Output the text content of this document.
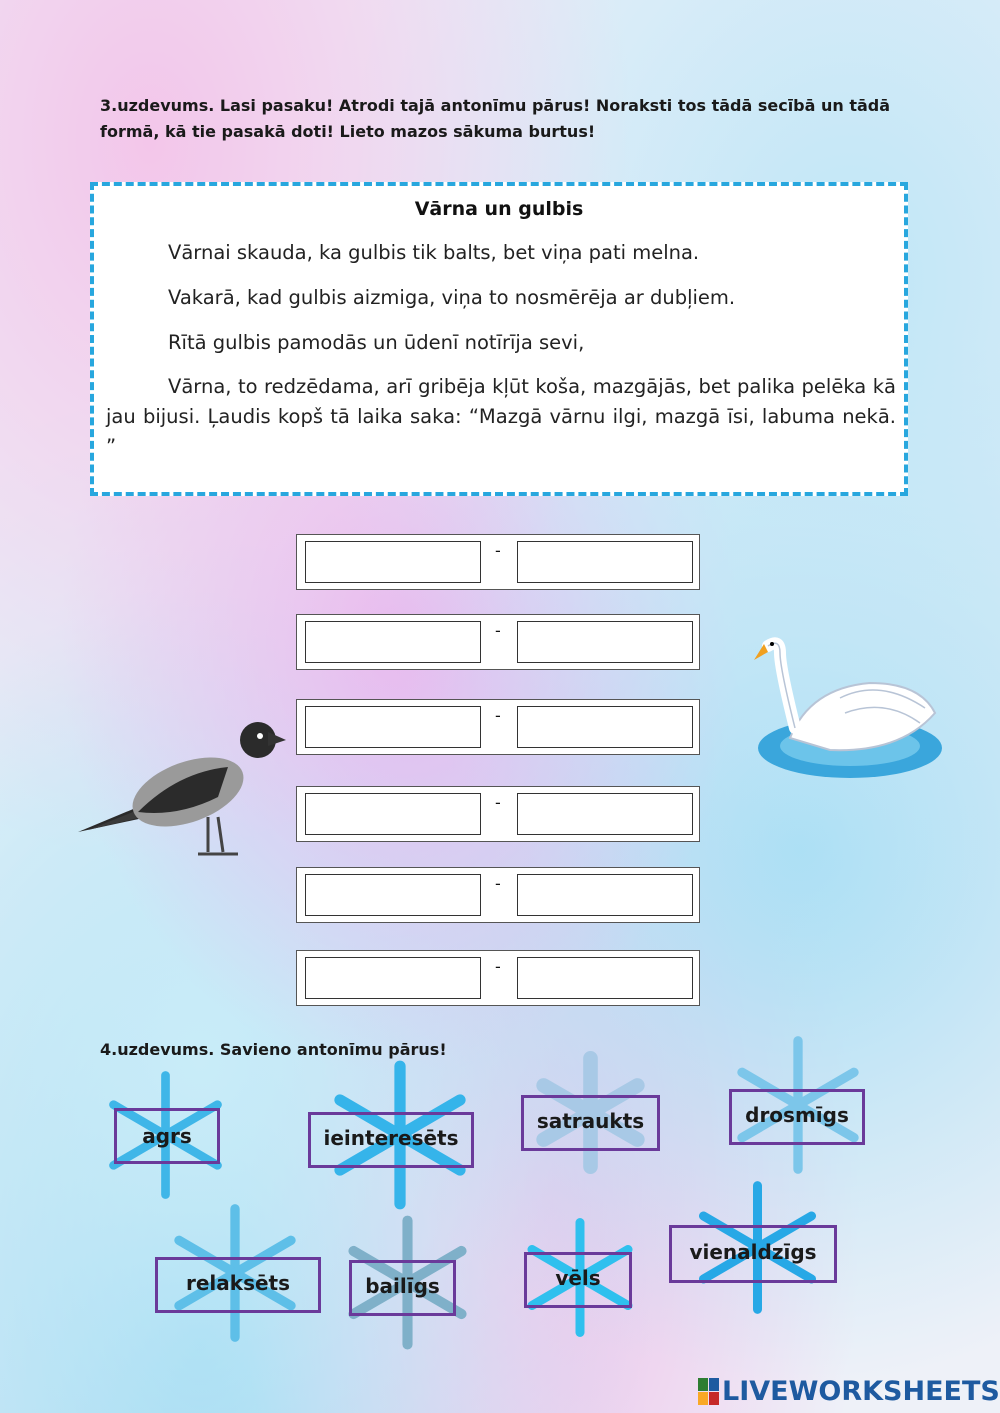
3.uzdevums. Lasi pasaku! Atrodi tajā antonīmu pārus! Noraksti tos tādā secībā un tādā formā, kā tie pasakā doti! Lieto mazos sākuma burtus!
Vārna un gulbis
Vārnai skauda, ka gulbis tik balts, bet viņa pati melna.
Vakarā, kad gulbis aizmiga, viņa to nosmērēja ar dubļiem.
Rītā gulbis pamodās un ūdenī notīrīja sevi,
Vārna, to redzēdama, arī gribēja kļūt koša, mazgājās, bet palika pelēka kā jau bijusi. Ļaudis kopš tā laika saka: “Mazgā vārnu ilgi, mazgā īsi, labuma nekā. ”
-
-
-
-
-
-
4.uzdevums. Savieno antonīmu pārus!
agrs	ieinteresēts
satraukts	drosmīgs
relaksēts	bailīgs	vēls
vienaldzīgs
LIVEWORKSHEETS
